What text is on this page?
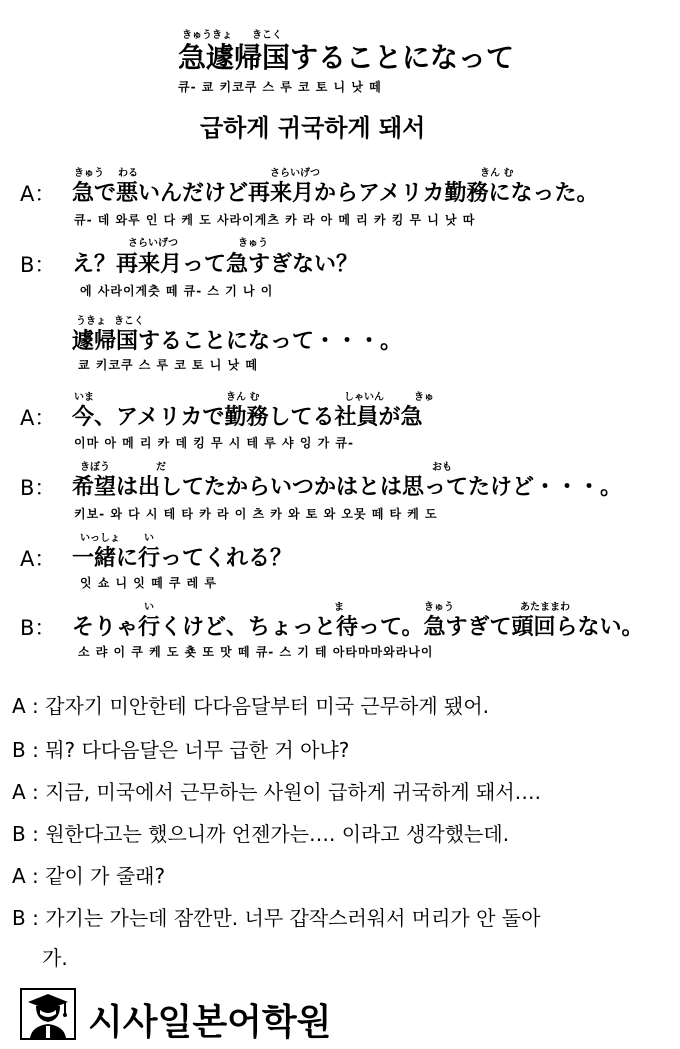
きゅうきょ きこく
急遽帰国することになって
큐- 쿄 키코쿠 스 루 코 토 니 낫 떼
급하게 귀국하게 돼서
きゅう わる	さらいげつ	きん む
A： 急で悪いんだけど再来月からアメリカ勤務になった。
큐- 데 와루 인 다 케 도 사라이게츠 카 라 아 메 리 카 킹 무 니 낫 따
さらいげつ	きゅう
B： え？再来月って急すぎない？
에 사라이게츳 떼 큐- 스 기 나 이
うきょ きこく
遽帰国することになって・・・。
쿄 키코쿠 스 루 코 토 니 낫 떼
いま	きん む	しゃいん	きゅ
A： 今、アメリカで勤務してる社員が急
이마 아 메 리 카 데 킹 무 시 테 루 샤 잉 가 큐-
きぼう	だ	おも
B： 希望は出してたからいつかはとは思ってたけど・・・。
키보- 와 다 시 테 타 카 라 이 츠 카 와 토 와 오못 떼 타 케 도
いっしょ い
A： 一緒に行ってくれる？
잇 쇼 니 잇 떼 쿠 레 루
い	ま	きゅう	あたままわ
B： そりゃ行くけど、ちょっと待って。急すぎて頭回らない。
소 랴 이 쿠 케 도 춋 또 맛 떼 큐- 스 기 테 아타마마와라나이
A : 갑자기 미안한테 다다음달부터 미국 근무하게 됐어.
B : 뭐? 다다음달은 너무 급한 거 아냐?
A : 지금, 미국에서 근무하는 사원이 급하게 귀국하게 돼서….
B : 원한다고는 했으니까 언젠가는…. 이라고 생각했는데.
A : 같이 가 줄래?
B : 가기는 가는데 잠깐만. 너무 갑작스러워서 머리가 안 돌아
가.
시사일본어학원
